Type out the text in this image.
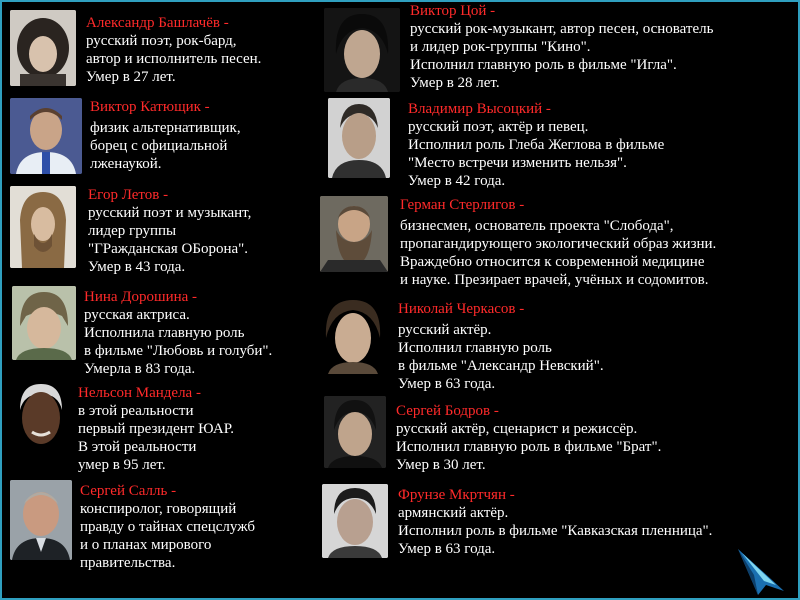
Александр Башлачёв -
русский поэт, рок-бард,
автор и исполнитель песен.
Умер в 27 лет.
Виктор Катющик -
физик альтернативщик,
борец с официальной
лженаукой.
Егор Летов -
русский поэт и музыкант,
лидер группы
"ГРажданская ОБорона".
Умер в 43 года.
Нина Дорошина -
русская актриса.
Исполнила главную роль
в фильме "Любовь и голуби".
Умерла в 83 года.
Нельсон Мандела -
в этой реальности
первый президент ЮАР.
В этой реальности
умер в 95 лет.
Сергей Салль -
конспиролог, говорящий
правду о тайнах спецслужб
и о планах мирового
правительства.
Виктор Цой -
русский рок-музыкант, автор песен, основатель
и лидер рок-группы "Кино".
Исполнил главную роль в фильме "Игла".
Умер в 28 лет.
Владимир Высоцкий -
русский поэт, актёр и певец.
Исполнил роль Глеба Жеглова в фильме
"Место встречи изменить нельзя".
Умер в 42 года.
Герман Стерлигов -
бизнесмен, основатель проекта "Слобода",
пропагандирующего экологический образ жизни.
Враждебно относится к современной медицине
и науке. Презирает врачей, учёных и содомитов.
Николай Черкасов -
русский актёр.
Исполнил главную роль
в фильме "Александр Невский".
Умер в 63 года.
Сергей Бодров -
русский актёр, сценарист и режиссёр.
Исполнил главную роль в фильме "Брат".
Умер в 30 лет.
Фрунзе Мкртчян -
армянский актёр.
Исполнил роль в фильме "Кавказская пленница".
Умер в 63 года.
